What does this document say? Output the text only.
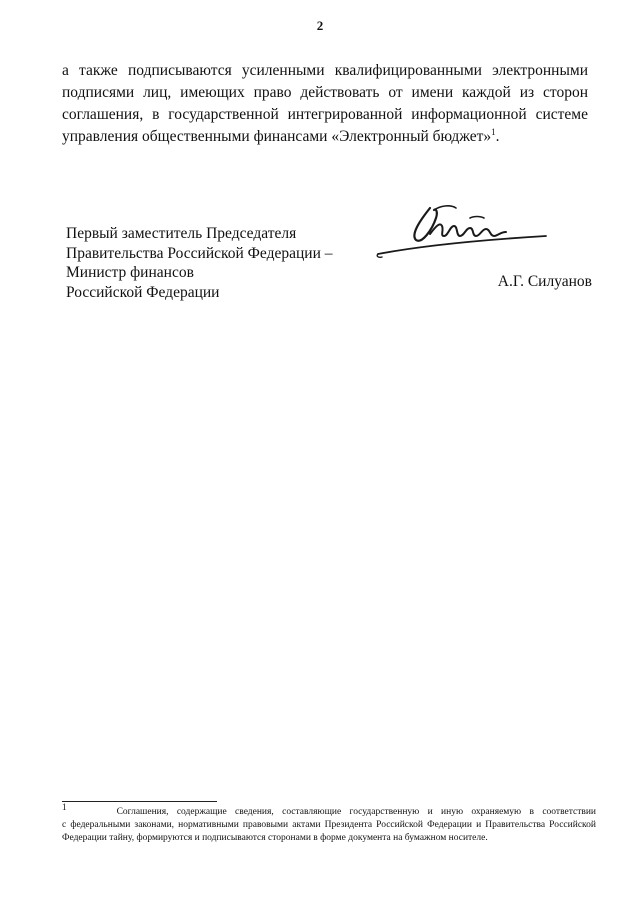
2
а также подписываются усиленными квалифицированными электронными
подписями лиц, имеющих право действовать от имени каждой из сторон
соглашения, в государственной интегрированной информационной системе
управления общественными финансами «Электронный бюджет»$^1$.
Первый заместитель Председателя
Правительства Российской Федерации –
Министр финансов
Российской Федерации
А.Г. Силуанов
$^1$      Соглашения, содержащие сведения, составляющие государственную и иную охраняемую в соответствии
с федеральными законами, нормативными правовыми актами Президента Российской Федерации и Правительства Российской
Федерации тайну, формируются и подписываются сторонами в форме документа на бумажном носителе.
